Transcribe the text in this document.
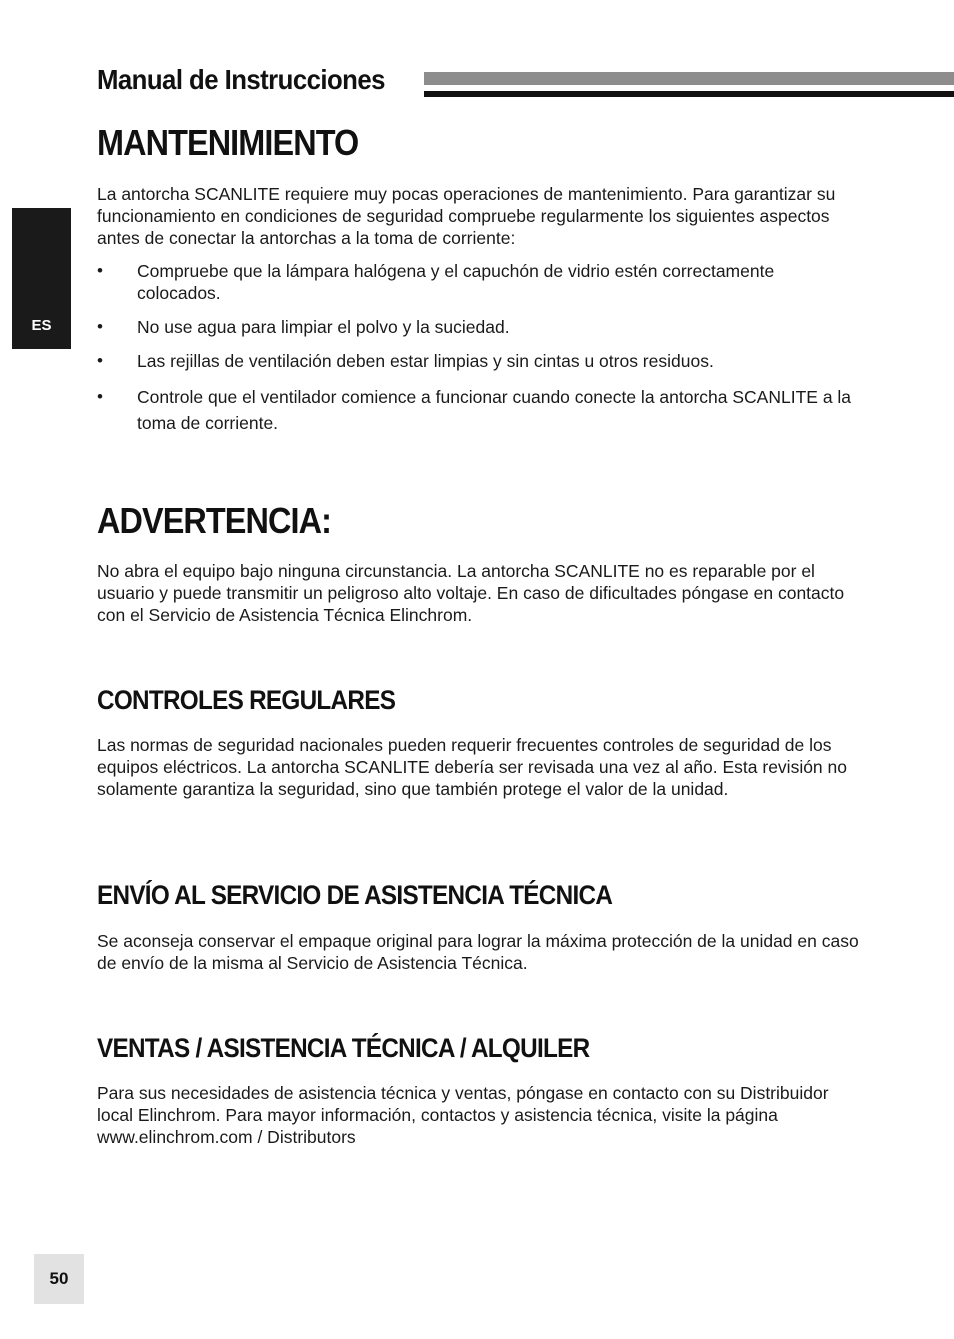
Manual de Instrucciones
ES
MANTENIMIENTO

La antorcha SCANLITE requiere muy pocas operaciones de mantenimiento. Para garantizar su funcionamiento en condiciones de seguridad compruebe regularmente los siguientes aspectos antes de conectar la antorchas a la toma de corriente:

• Compruebe que la lámpara halógena y el capuchón de vidrio estén correctamente colocados.
• No use agua para limpiar el polvo y la suciedad.
• Las rejillas de ventilación deben estar limpias y sin cintas u otros residuos.
• Controle que el ventilador comience a funcionar cuando conecte la antorcha SCANLITE a la toma de corriente.
ADVERTENCIA:

No abra el equipo bajo ninguna circunstancia. La antorcha SCANLITE no es reparable por el usuario y puede transmitir un peligroso alto voltaje. En caso de dificultades póngase en contacto con el Servicio de Asistencia Técnica Elinchrom.

CONTROLES REGULARES

Las normas de seguridad nacionales pueden requerir frecuentes controles de seguridad de los equipos eléctricos. La antorcha SCANLITE debería ser revisada una vez al año. Esta revisión no solamente garantiza la seguridad, sino que también protege el valor de la unidad.

ENVÍO AL SERVICIO DE ASISTENCIA TÉCNICA

Se aconseja conservar el empaque original para lograr la máxima protección de la unidad en caso de envío de la misma al Servicio de Asistencia Técnica.

VENTAS / ASISTENCIA TÉCNICA / ALQUILER

Para sus necesidades de asistencia técnica y ventas, póngase en contacto con su Distribuidor local Elinchrom. Para mayor información, contactos y asistencia técnica, visite la página www.elinchrom.com / Distributors

50
